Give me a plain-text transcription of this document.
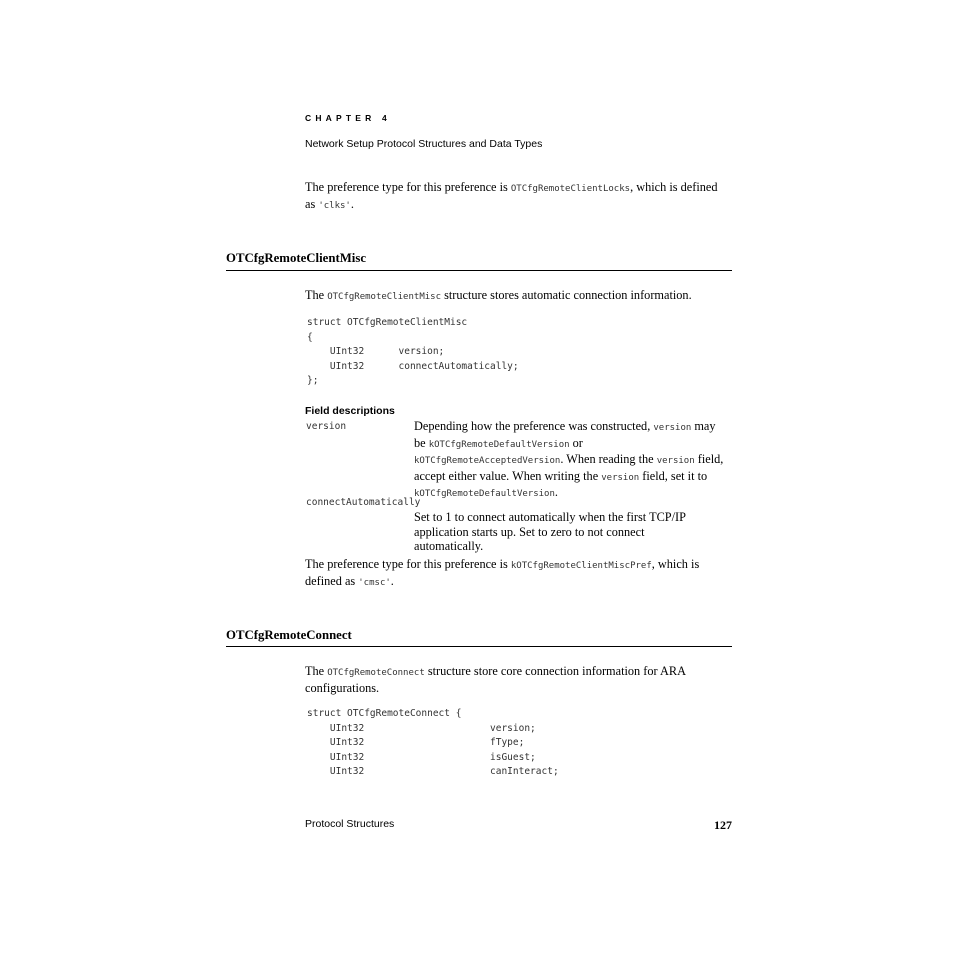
CHAPTER 4
Network Setup Protocol Structures and Data Types

The preference type for this preference is OTCfgRemoteClientLocks, which is defined as 'clks'.

OTCfgRemoteClientMisc

The OTCfgRemoteClientMisc structure stores automatic connection information.

struct OTCfgRemoteClientMisc
{
UInt32      version;
UInt32      connectAutomatically;
};
Field descriptions
version	Depending how the preference was constructed, version may be kOTCfgRemoteDefaultVersion or kOTCfgRemoteAcceptedVersion. When reading the version field, accept either value. When writing the version field, set it to kOTCfgRemoteDefaultVersion.

connectAutomatically

Set to 1 to connect automatically when the first TCP/IP application starts up. Set to zero to not connect automatically.

The preference type for this preference is kOTCfgRemoteClientMiscPref, which is defined as 'cmsc'.

OTCfgRemoteConnect

The OTCfgRemoteConnect structure store core connection information for ARA configurations.

struct OTCfgRemoteConnect {
UInt32                      version;
UInt32                      fType;
UInt32                      isGuest;
UInt32                      canInteract;
Protocol Structures	127
